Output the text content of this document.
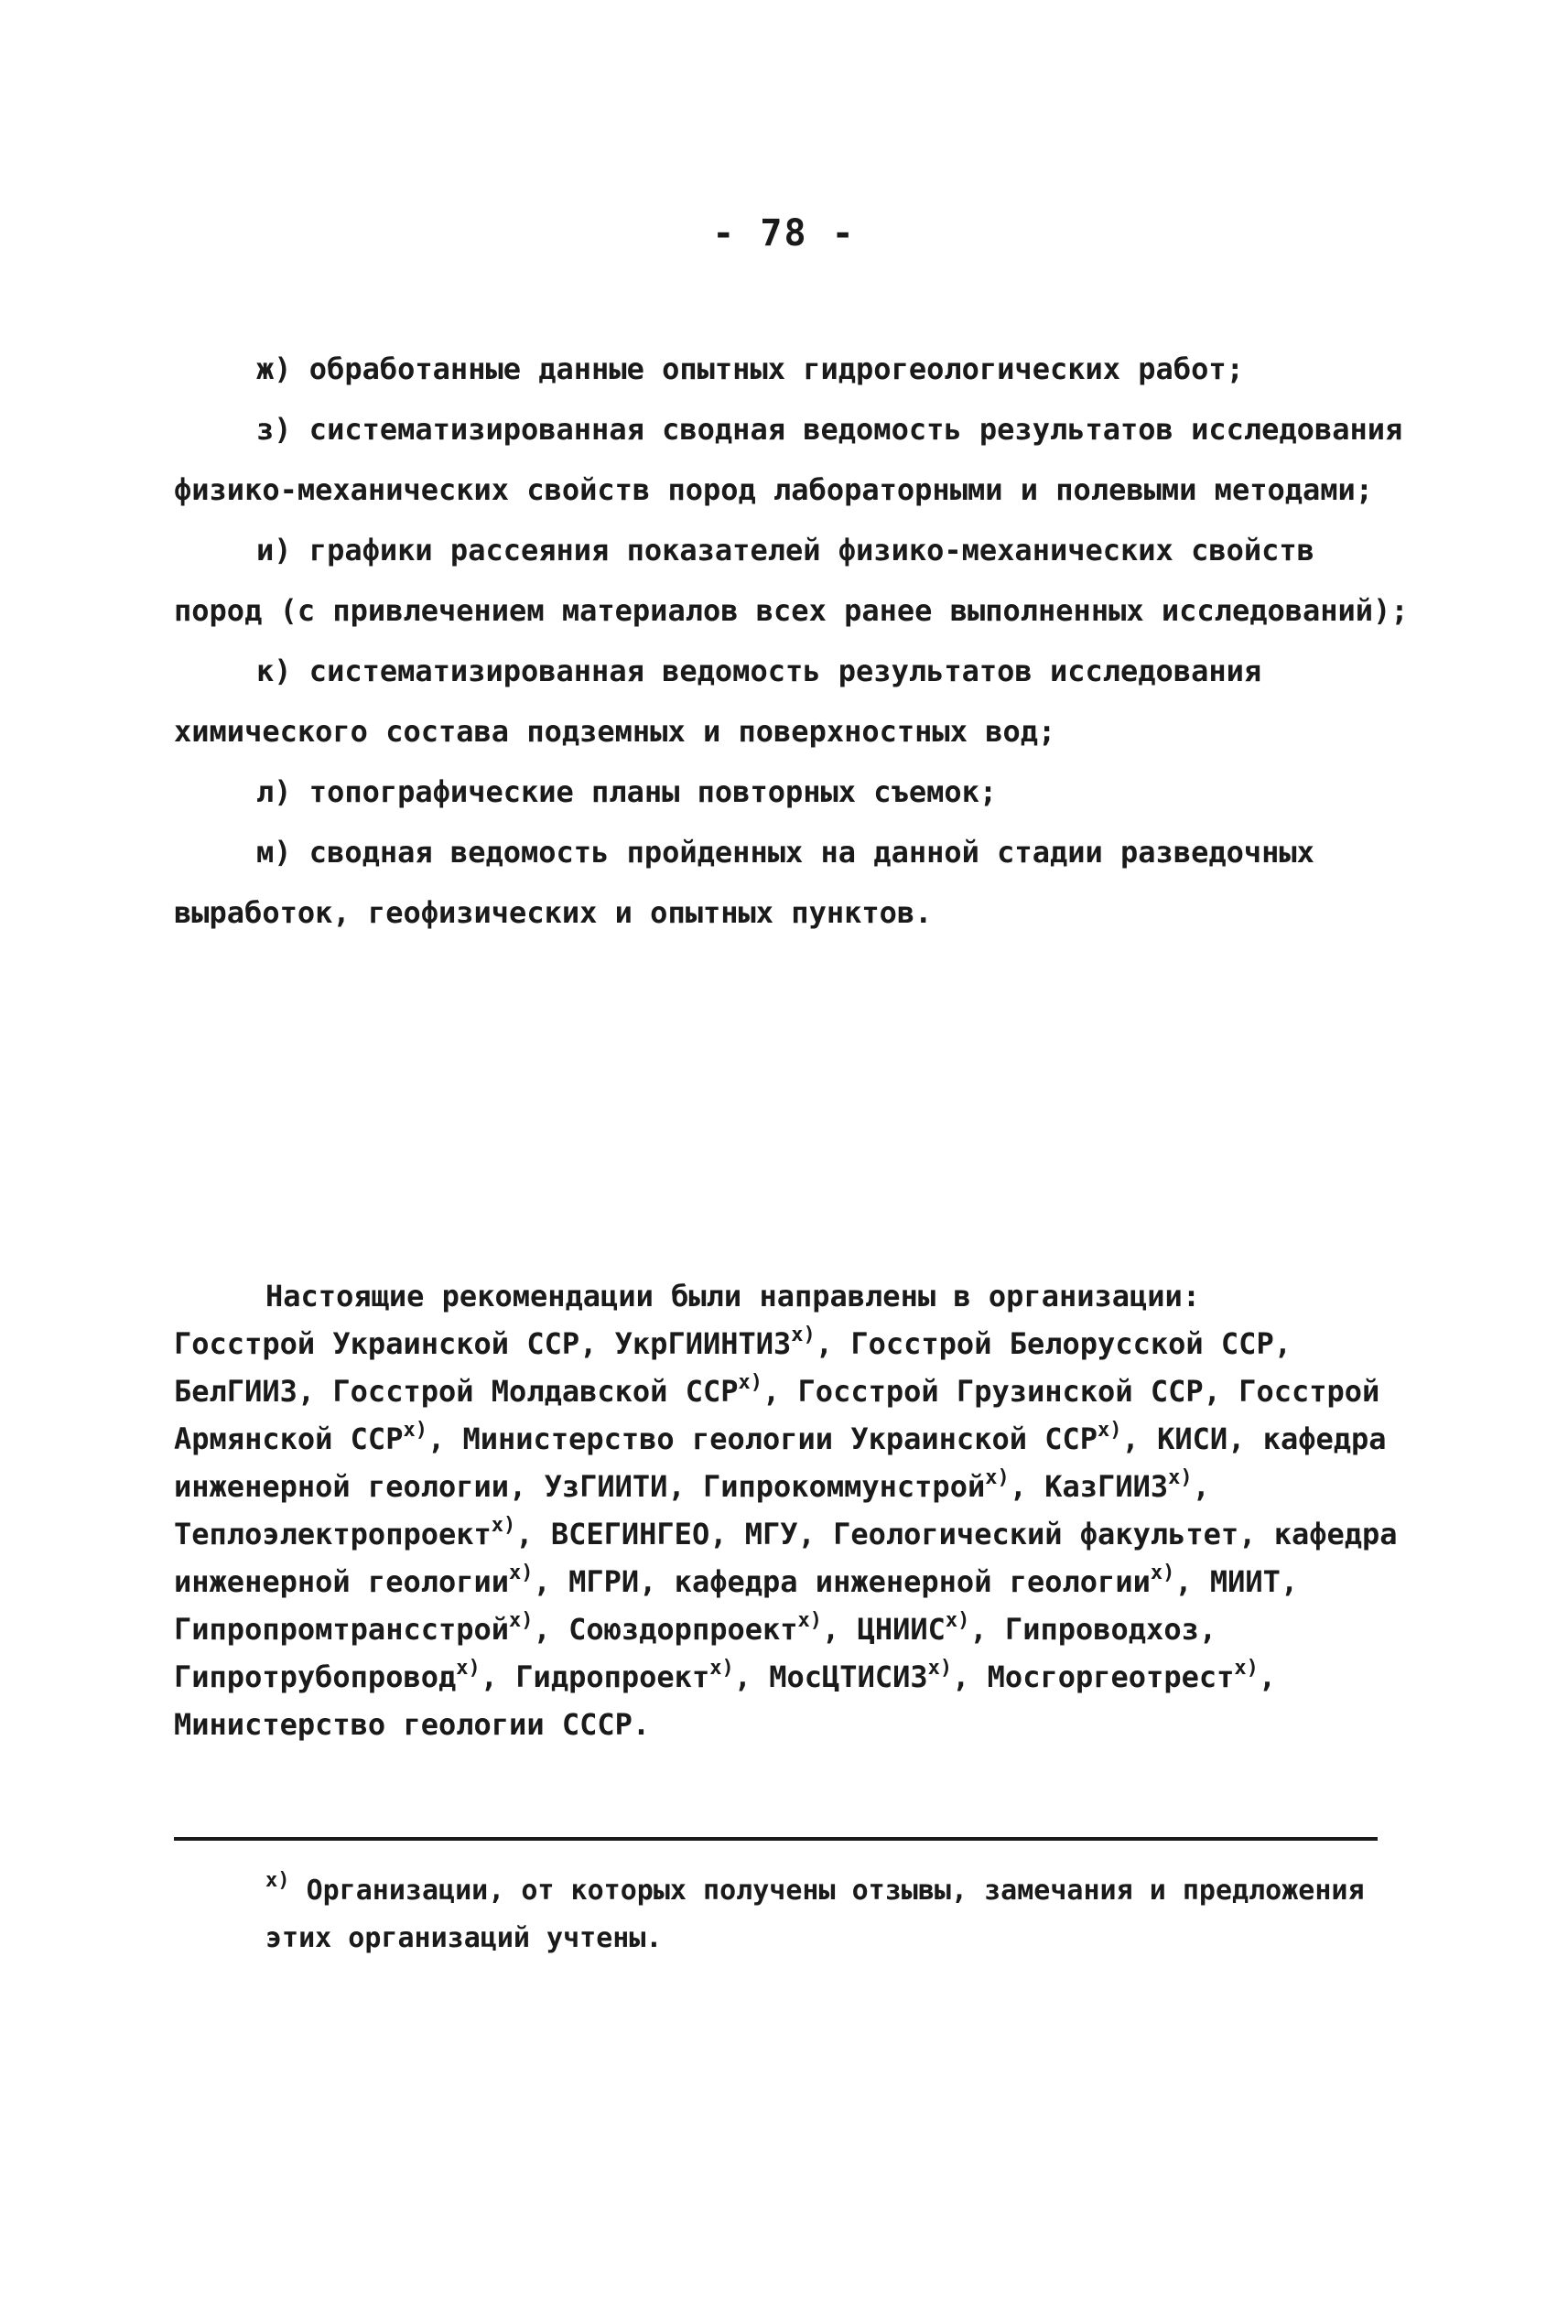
- 78 -

ж) обработанные данные опытных гидрогеологических работ;

з) систематизированная сводная ведомость результатов исследования физико-механических свойств пород лабораторными и полевыми методами;

и) графики рассеяния показателей физико-механических свойств пород (с привлечением материалов всех ранее выполненных исследований);

к) систематизированная ведомость результатов исследования химического состава подземных и поверхностных вод;

л) топографические планы повторных съемок;

м) сводная ведомость пройденных на данной стадии разведочных выработок, геофизических и опытных пунктов.

Настоящие рекомендации были направлены в организации:

Госстрой Украинской ССР, УкрГИИНТИЗ$^{x)}$, Госстрой Белорусской ССР, БелГИИЗ, Госстрой Молдавской ССР$^{x)}$, Госстрой Грузинской ССР, Госстрой Армянской ССР$^{x)}$, Министерство геологии Украинской ССР$^{x)}$, КИСИ, кафедра инженерной геологии, УзГИИТИ, Гипрокоммунстрой$^{x)}$, КазГИИЗ$^{x)}$, Теплоэлектропроект$^{x)}$, ВСЕГИНГЕО, МГУ, Геологический факультет, кафедра инженерной геологии$^{x)}$, МГРИ, кафедра инженерной геологии$^{x)}$, МИИТ, Гипропромтрансстрой$^{x)}$, Союздорпроект$^{x)}$, ЦНИИС$^{x)}$, Гипроводхоз, Гипротрубопровод$^{x)}$, Гидропроект$^{x)}$, МосЦТИСИЗ$^{x)}$, Мосгоргеотрест$^{x)}$, Министерство геологии СССР.

$^{x)}$ Организации, от которых получены отзывы, замечания и предложения этих организаций учтены.
